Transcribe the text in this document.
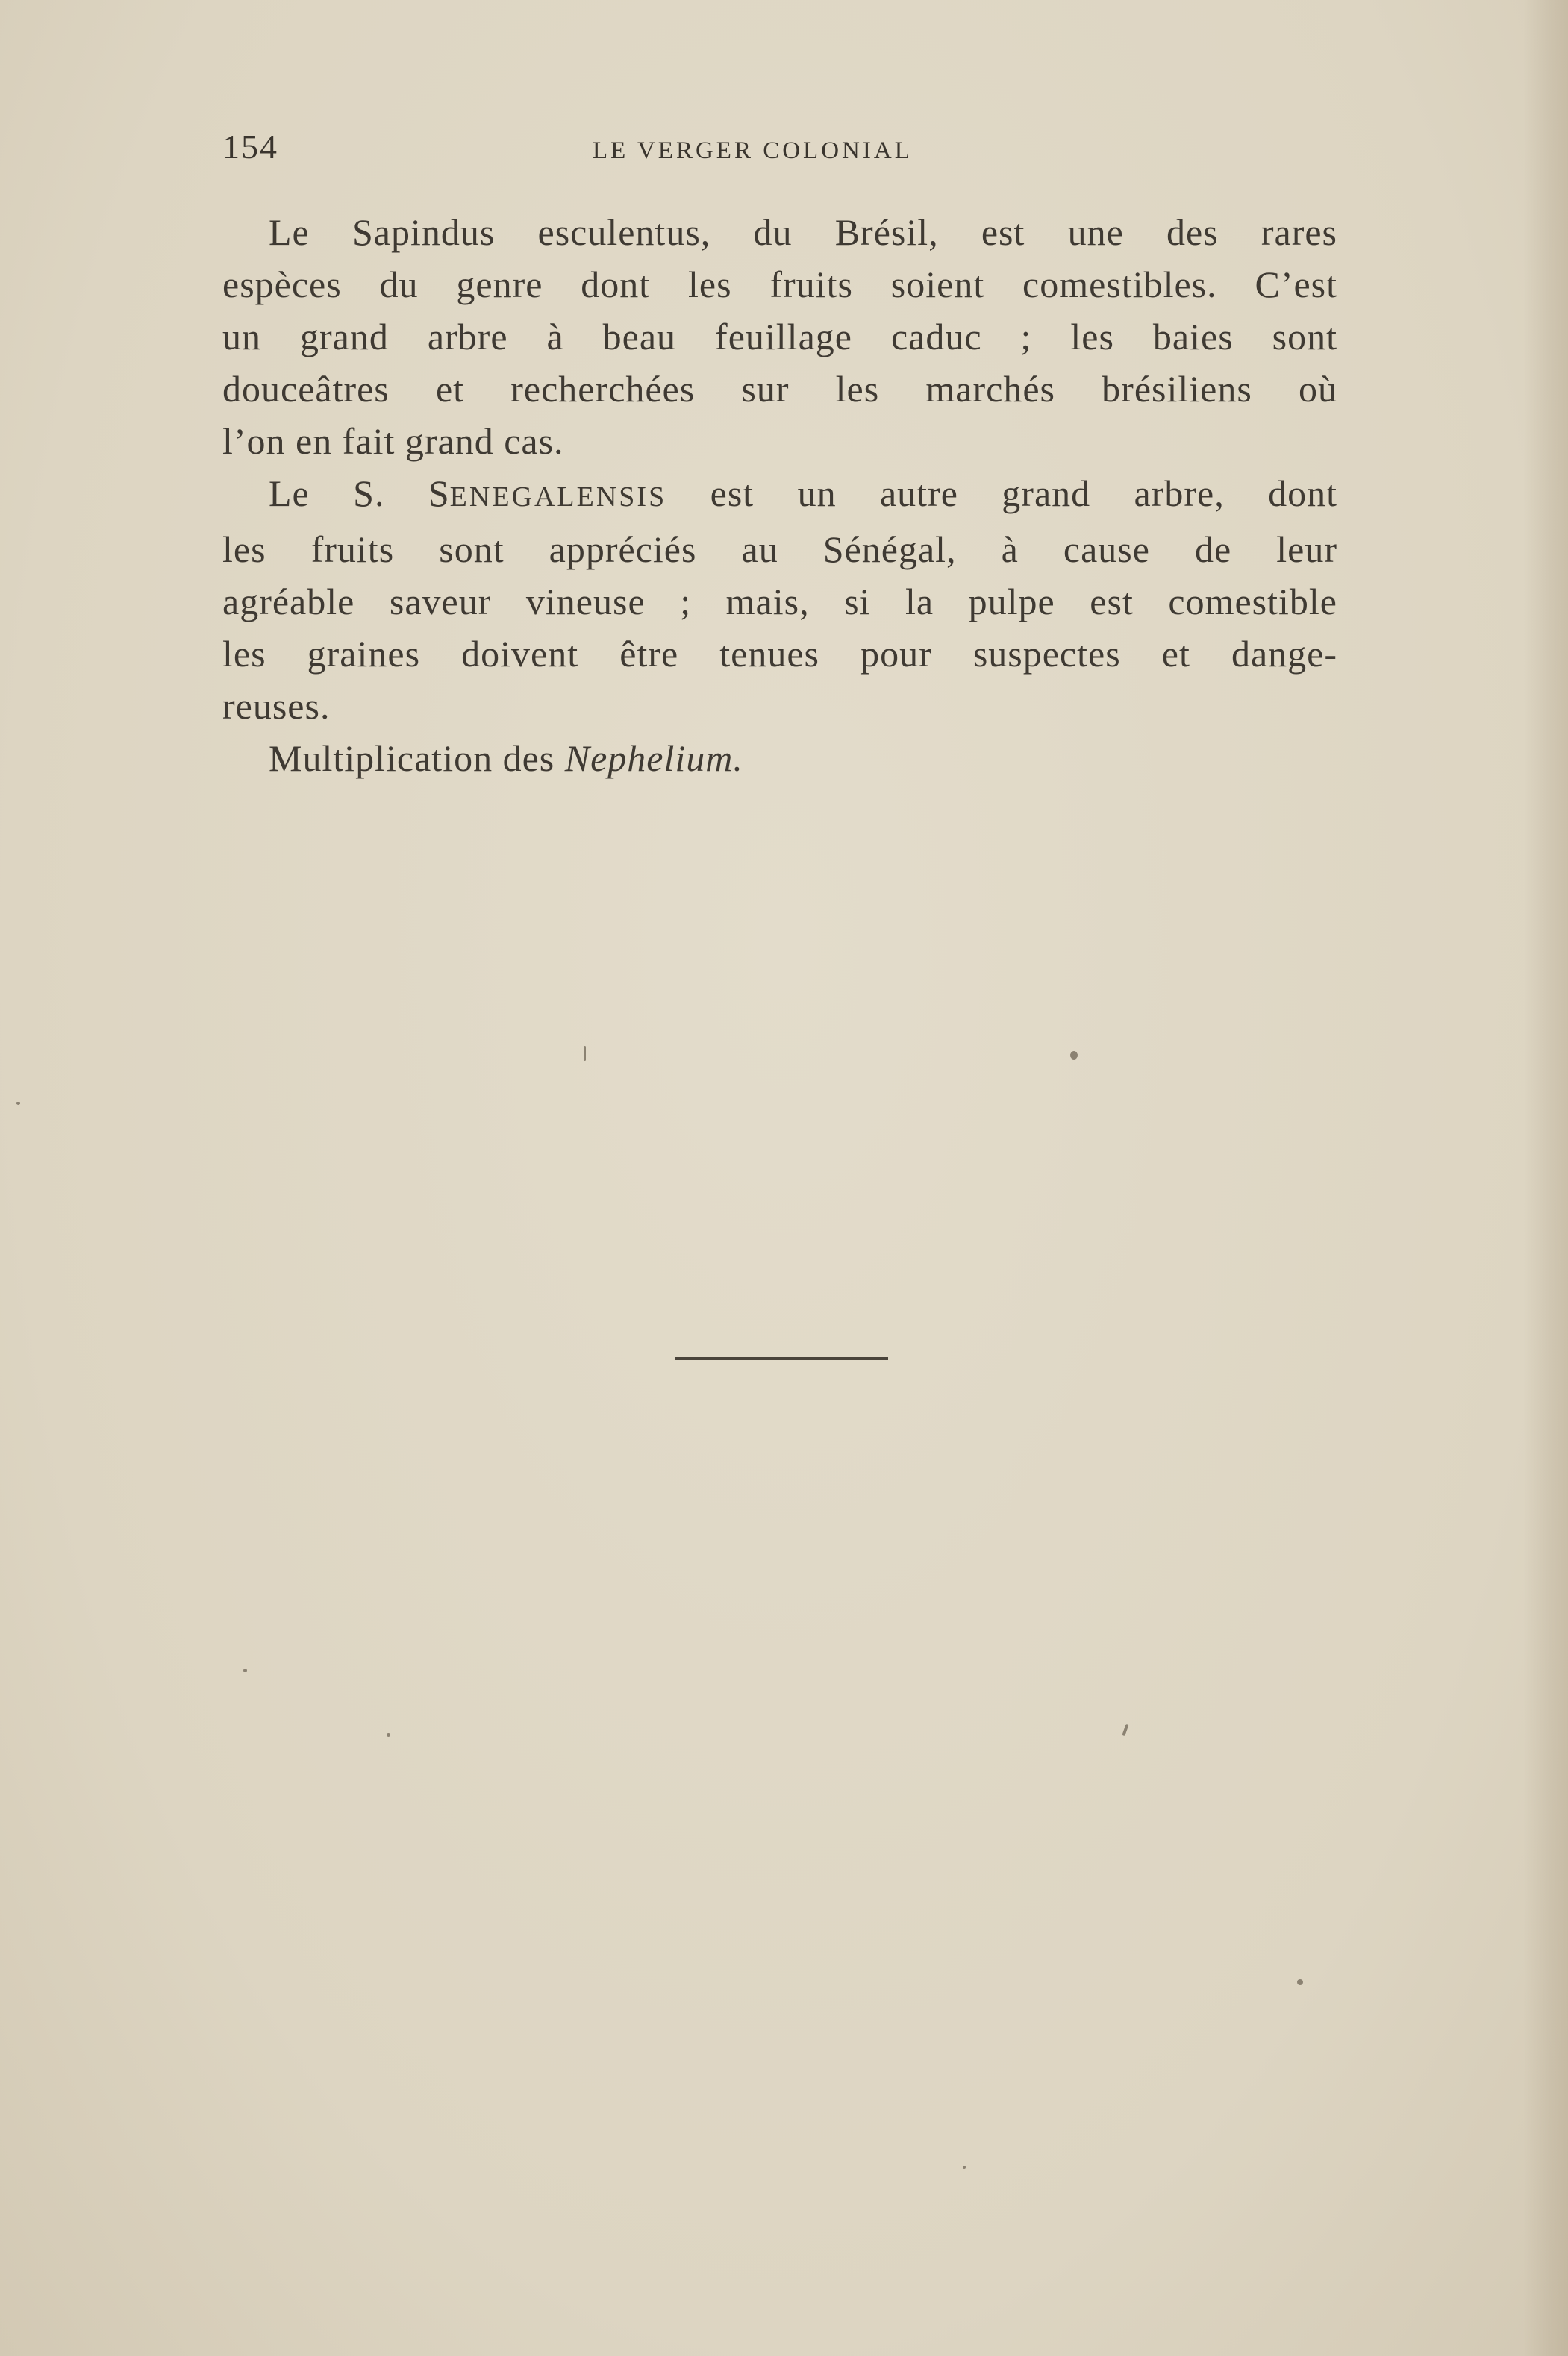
154	LE VERGER COLONIAL

Le Sapindus esculentus, du Brésil, est une des rares

espèces du genre dont les fruits soient comestibles. C’est

un grand arbre à beau feuillage caduc ; les baies sont

douceâtres et recherchées sur les marchés brésiliens où

l’on en fait grand cas.

Le S. SENEGALENSIS est un autre grand arbre, dont

les fruits sont appréciés au Sénégal, à cause de leur

agréable saveur vineuse ; mais, si la pulpe est comestible

les graines doivent être tenues pour suspectes et dange-

reuses.

Multiplication des Nephelium.
